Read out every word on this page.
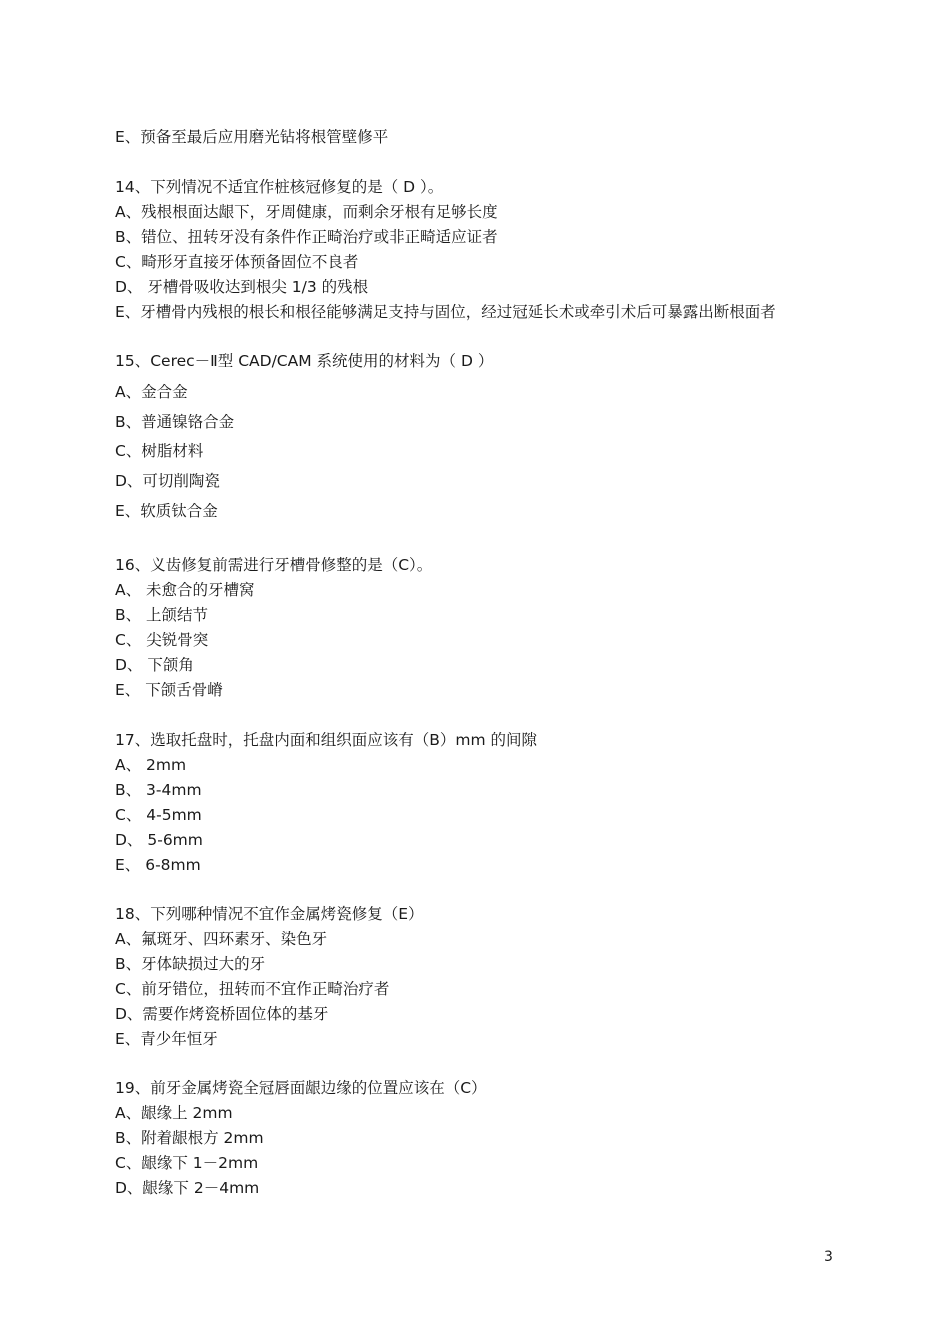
E、预备至最后应用磨光钻将根管壁修平
14、下列情况不适宜作桩核冠修复的是（ D ）。
A、残根根面达龈下，牙周健康，而剩余牙根有足够长度
B、错位、扭转牙没有条件作正畸治疗或非正畸适应证者
C、畸形牙直接牙体预备固位不良者
D、 牙槽骨吸收达到根尖 1/3 的残根
E、牙槽骨内残根的根长和根径能够满足支持与固位，经过冠延长术或牵引术后可暴露出断根面者
15、Cerec－Ⅱ型 CAD/CAM 系统使用的材料为（ D ）
A、金合金
B、普通镍铬合金
C、树脂材料
D、可切削陶瓷
E、软质钛合金
16、义齿修复前需进行牙槽骨修整的是（C）。
A、 未愈合的牙槽窝
B、 上颌结节
C、 尖锐骨突
D、 下颌角
E、 下颌舌骨嵴
17、选取托盘时，托盘内面和组织面应该有（B）mm 的间隙
A、 2mm
B、 3-4mm
C、 4-5mm
D、 5-6mm
E、 6-8mm
18、下列哪种情况不宜作金属烤瓷修复（E）
A、氟斑牙、四环素牙、染色牙
B、牙体缺损过大的牙
C、前牙错位，扭转而不宜作正畸治疗者
D、需要作烤瓷桥固位体的基牙
E、青少年恒牙
19、前牙金属烤瓷全冠唇面龈边缘的位置应该在（C）
A、龈缘上 2mm
B、附着龈根方 2mm
C、龈缘下 1－2mm
D、龈缘下 2－4mm
3
